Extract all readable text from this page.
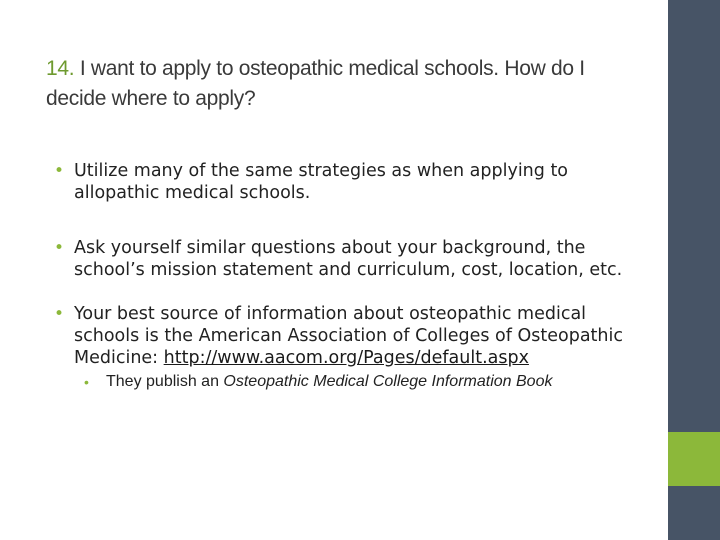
14. I want to apply to osteopathic medical schools. How do I decide where to apply?
• Utilize many of the same strategies as when applying to allopathic medical schools.
• Ask yourself similar questions about your background, the school’s mission statement and curriculum, cost, location, etc.
• Your best source of information about osteopathic medical schools is the American Association of Colleges of Osteopathic Medicine: http://www.aacom.org/Pages/default.aspx
• They publish an Osteopathic Medical College Information Book
